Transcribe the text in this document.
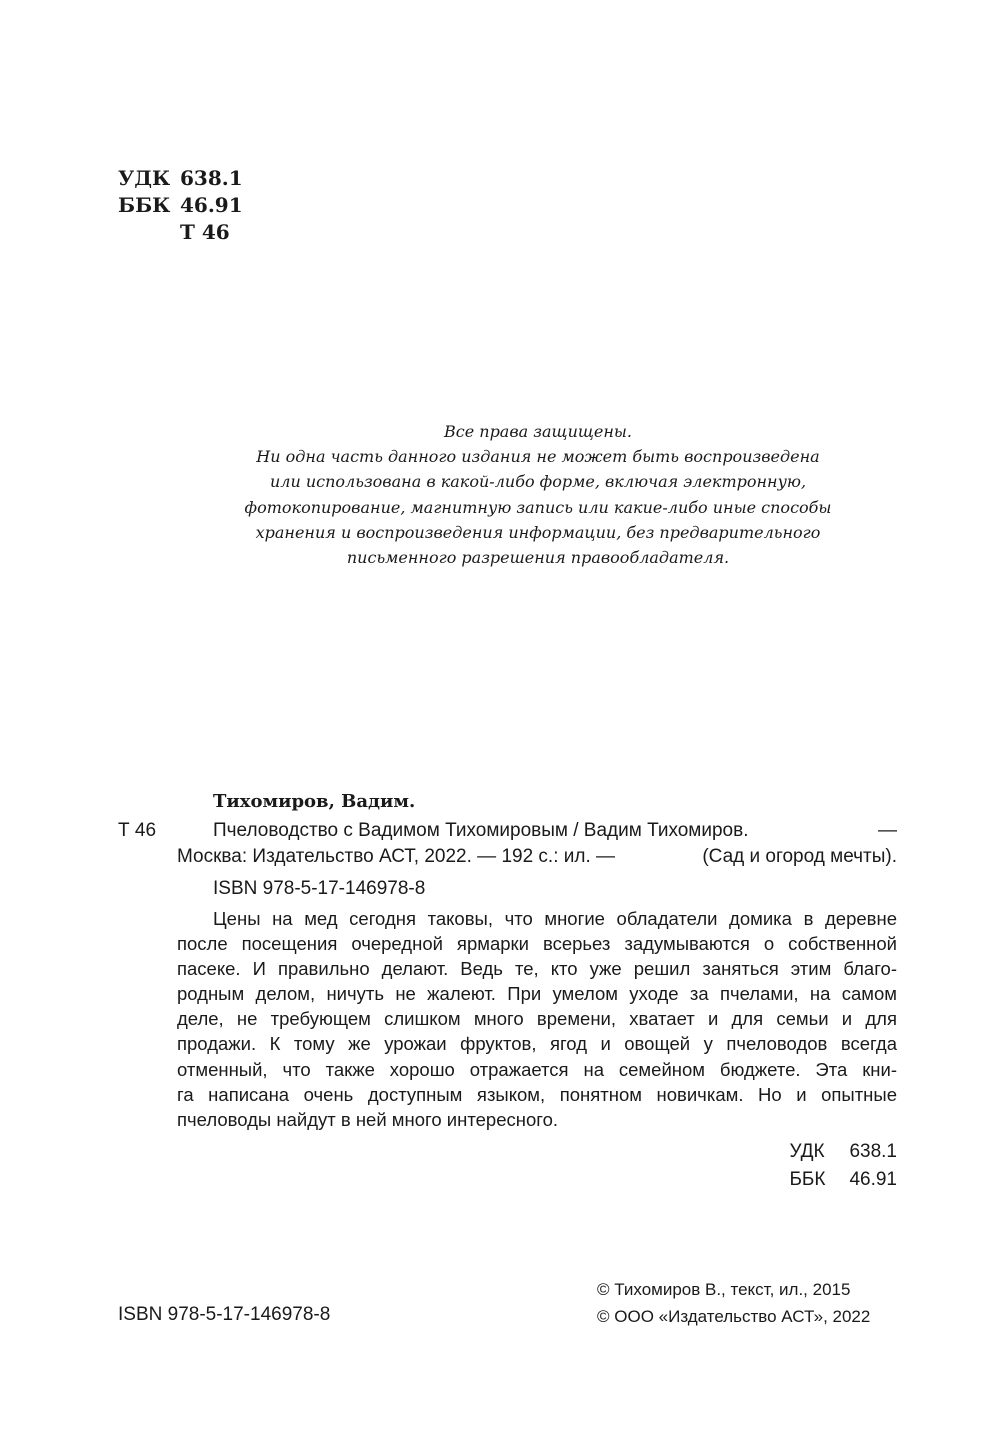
УДК 638.1
ББК 46.91
Т 46
Все права защищены.
Ни одна часть данного издания не может быть воспроизведена
или использована в какой-либо форме, включая электронную,
фотокопирование, магнитную запись или какие-либо иные способы
хранения и воспроизведения информации, без предварительного
письменного разрешения правообладателя.
Тихомиров, Вадим.
Т 46	Пчеловодство с Вадимом Тихомировым / Вадим Тихомиров.	—
Москва: Издательство АСТ, 2022. — 192 с.: ил. —	(Сад и огород мечты).
ISBN 978-5-17-146978-8
Цены на мед сегодня таковы, что многие обладатели домика в деревне
после посещения очередной ярмарки всерьез задумываются о собственной
пасеке. И правильно делают. Ведь те, кто уже решил заняться этим благо-
родным делом, ничуть не жалеют. При умелом уходе за пчелами, на самом
деле, не требующем слишком много времени, хватает и для семьи и для
продажи. К тому же урожаи фруктов, ягод и овощей у пчеловодов всегда
отменный, что также хорошо отражается на семейном бюджете. Эта кни-
га написана очень доступным языком, понятном новичкам. Но и опытные
пчеловоды найдут в ней много интересного.
УДК 638.1
ББК 46.91
ISBN 978-5-17-146978-8
© Тихомиров В., текст, ил., 2015
© ООО «Издательство АСТ», 2022
